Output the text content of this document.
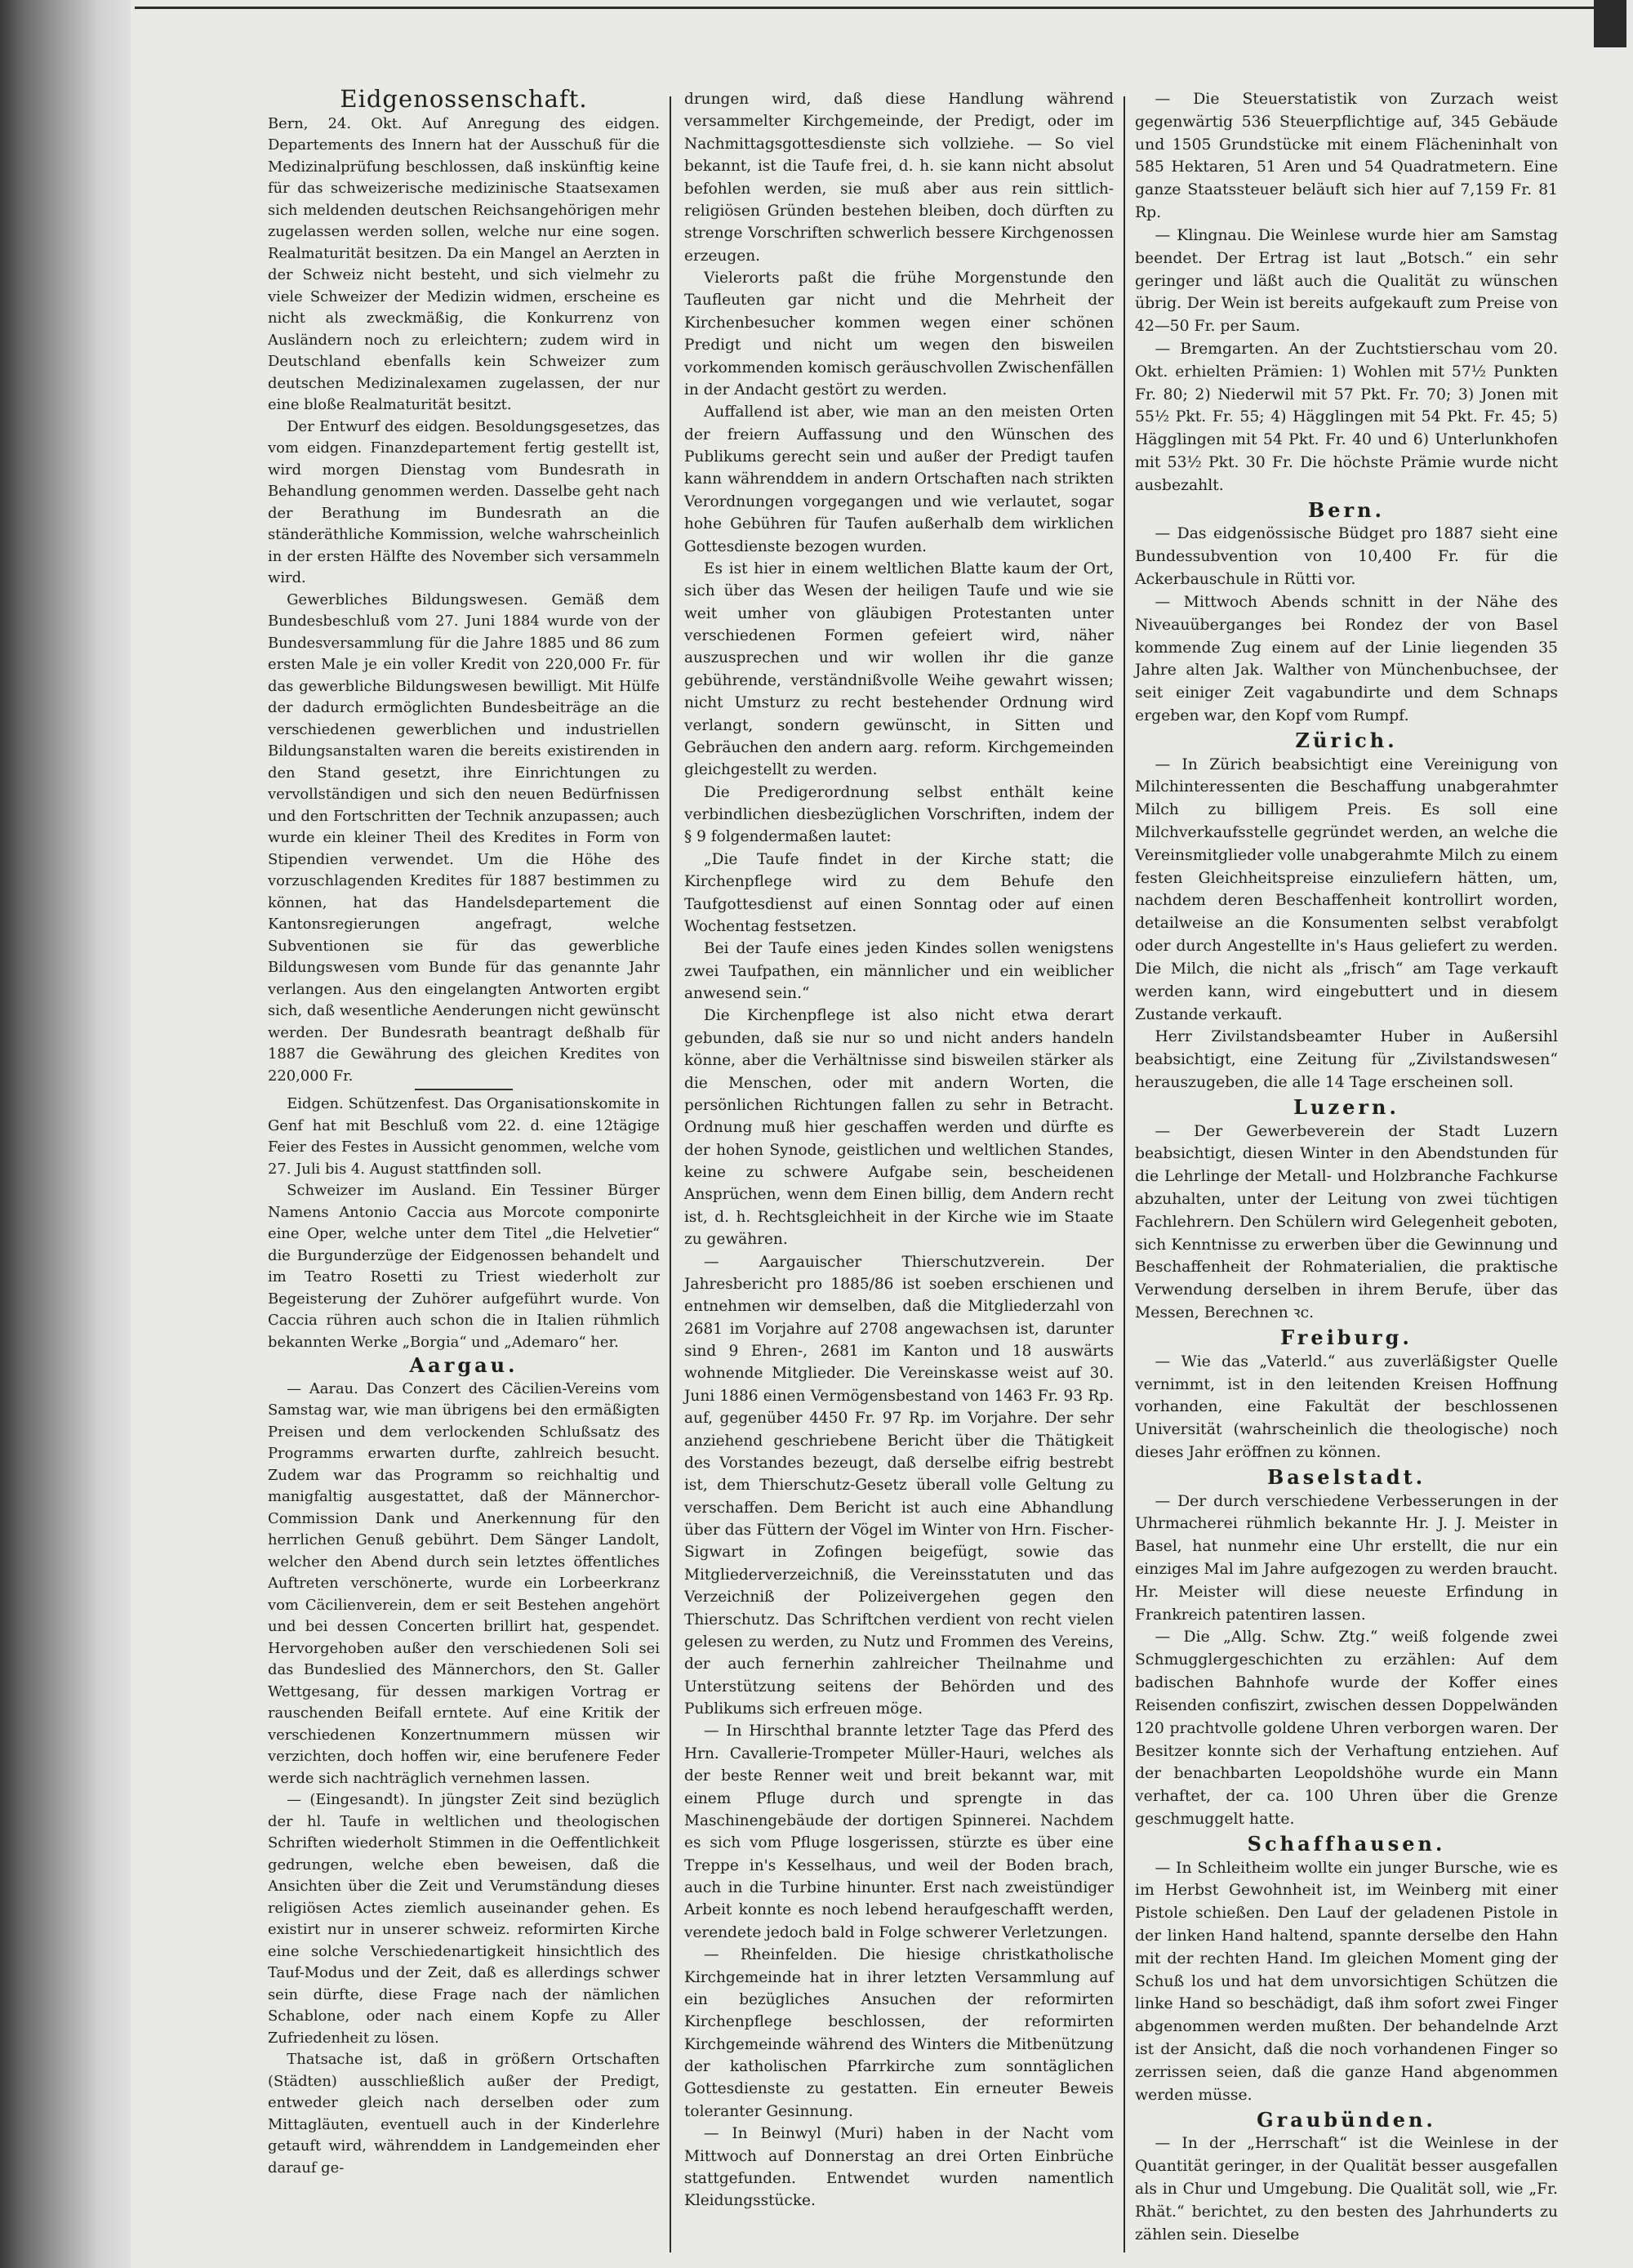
Eidgenossenschaft.

Bern, 24. Okt. Auf Anregung des eidgen. Departements des Innern hat der Ausschuß für die Medizinalprüfung beschlossen, daß inskünftig keine für das schweizerische medizinische Staatsexamen sich meldenden deutschen Reichsangehörigen mehr zugelassen werden sollen, welche nur eine sogen. Realmaturität besitzen. Da ein Mangel an Aerzten in der Schweiz nicht besteht, und sich vielmehr zu viele Schweizer der Medizin widmen, erscheine es nicht als zweckmäßig, die Konkurrenz von Ausländern noch zu erleichtern; zudem wird in Deutschland ebenfalls kein Schweizer zum deutschen Medizinalexamen zugelassen, der nur eine bloße Realmaturität besitzt.

Der Entwurf des eidgen. Besoldungsgesetzes, das vom eidgen. Finanzdepartement fertig gestellt ist, wird morgen Dienstag vom Bundesrath in Behandlung genommen werden. Dasselbe geht nach der Berathung im Bundesrath an die ständeräthliche Kommission, welche wahrscheinlich in der ersten Hälfte des November sich versammeln wird.

Gewerbliches Bildungswesen. Gemäß dem Bundesbeschluß vom 27. Juni 1884 wurde von der Bundesversammlung für die Jahre 1885 und 86 zum ersten Male je ein voller Kredit von 220,000 Fr. für das gewerbliche Bildungswesen bewilligt. Mit Hülfe der dadurch ermöglichten Bundesbeiträge an die verschiedenen gewerblichen und industriellen Bildungsanstalten waren die bereits existirenden in den Stand gesetzt, ihre Einrichtungen zu vervollständigen und sich den neuen Bedürfnissen und den Fortschritten der Technik anzupassen; auch wurde ein kleiner Theil des Kredites in Form von Stipendien verwendet. Um die Höhe des vorzuschlagenden Kredites für 1887 bestimmen zu können, hat das Handelsdepartement die Kantonsregierungen angefragt, welche Subventionen sie für das gewerbliche Bildungswesen vom Bunde für das genannte Jahr verlangen. Aus den eingelangten Antworten ergibt sich, daß wesentliche Aenderungen nicht gewünscht werden. Der Bundesrath beantragt deßhalb für 1887 die Gewährung des gleichen Kredites von 220,000 Fr.

Eidgen. Schützenfest. Das Organisationskomite in Genf hat mit Beschluß vom 22. d. eine 12tägige Feier des Festes in Aussicht genommen, welche vom 27. Juli bis 4. August stattfinden soll.

Schweizer im Ausland. Ein Tessiner Bürger Namens Antonio Caccia aus Morcote componirte eine Oper, welche unter dem Titel „die Helvetier“ die Burgunderzüge der Eidgenossen behandelt und im Teatro Rosetti zu Triest wiederholt zur Begeisterung der Zuhörer aufgeführt wurde. Von Caccia rühren auch schon die in Italien rühmlich bekannten Werke „Borgia“ und „Ademaro“ her.

Aargau.

— Aarau. Das Conzert des Cäcilien-Vereins vom Samstag war, wie man übrigens bei den ermäßigten Preisen und dem verlockenden Schlußsatz des Programms erwarten durfte, zahlreich besucht. Zudem war das Programm so reichhaltig und manigfaltig ausgestattet, daß der Männerchor-Commission Dank und Anerkennung für den herrlichen Genuß gebührt. Dem Sänger Landolt, welcher den Abend durch sein letztes öffentliches Auftreten verschönerte, wurde ein Lorbeerkranz vom Cäcilienverein, dem er seit Bestehen angehört und bei dessen Concerten brillirt hat, gespendet. Hervorgehoben außer den verschiedenen Soli sei das Bundeslied des Männerchors, den St. Galler Wettgesang, für dessen markigen Vortrag er rauschenden Beifall erntete. Auf eine Kritik der verschiedenen Konzertnummern müssen wir verzichten, doch hoffen wir, eine berufenere Feder werde sich nachträglich vernehmen lassen.

— (Eingesandt). In jüngster Zeit sind bezüglich der hl. Taufe in weltlichen und theologischen Schriften wiederholt Stimmen in die Oeffentlichkeit gedrungen, welche eben beweisen, daß die Ansichten über die Zeit und Verumständung dieses religiösen Actes ziemlich auseinander gehen. Es existirt nur in unserer schweiz. reformirten Kirche eine solche Verschiedenartigkeit hinsichtlich des Tauf-Modus und der Zeit, daß es allerdings schwer sein dürfte, diese Frage nach der nämlichen Schablone, oder nach einem Kopfe zu Aller Zufriedenheit zu lösen.

Thatsache ist, daß in größern Ortschaften (Städten) ausschließlich außer der Predigt, entweder gleich nach derselben oder zum Mittagläuten, eventuell auch in der Kinderlehre getauft wird, währenddem in Landgemeinden eher darauf ge-

drungen wird, daß diese Handlung während versammelter Kirchgemeinde, der Predigt, oder im Nachmittagsgottesdienste sich vollziehe. — So viel bekannt, ist die Taufe frei, d. h. sie kann nicht absolut befohlen werden, sie muß aber aus rein sittlich-religiösen Gründen bestehen bleiben, doch dürften zu strenge Vorschriften schwerlich bessere Kirchgenossen erzeugen.

Vielerorts paßt die frühe Morgenstunde den Taufleuten gar nicht und die Mehrheit der Kirchenbesucher kommen wegen einer schönen Predigt und nicht um wegen den bisweilen vorkommenden komisch geräuschvollen Zwischenfällen in der Andacht gestört zu werden.

Auffallend ist aber, wie man an den meisten Orten der freiern Auffassung und den Wünschen des Publikums gerecht sein und außer der Predigt taufen kann währenddem in andern Ortschaften nach strikten Verordnungen vorgegangen und wie verlautet, sogar hohe Gebühren für Taufen außerhalb dem wirklichen Gottesdienste bezogen wurden.

Es ist hier in einem weltlichen Blatte kaum der Ort, sich über das Wesen der heiligen Taufe und wie sie weit umher von gläubigen Protestanten unter verschiedenen Formen gefeiert wird, näher auszusprechen und wir wollen ihr die ganze gebührende, verständnißvolle Weihe gewahrt wissen; nicht Umsturz zu recht bestehender Ordnung wird verlangt, sondern gewünscht, in Sitten und Gebräuchen den andern aarg. reform. Kirchgemeinden gleichgestellt zu werden.

Die Predigerordnung selbst enthält keine verbindlichen diesbezüglichen Vorschriften, indem der § 9 folgendermaßen lautet:

„Die Taufe findet in der Kirche statt; die Kirchenpflege wird zu dem Behufe den Taufgottesdienst auf einen Sonntag oder auf einen Wochentag festsetzen.

Bei der Taufe eines jeden Kindes sollen wenigstens zwei Taufpathen, ein männlicher und ein weiblicher anwesend sein.“

Die Kirchenpflege ist also nicht etwa derart gebunden, daß sie nur so und nicht anders handeln könne, aber die Verhältnisse sind bisweilen stärker als die Menschen, oder mit andern Worten, die persönlichen Richtungen fallen zu sehr in Betracht. Ordnung muß hier geschaffen werden und dürfte es der hohen Synode, geistlichen und weltlichen Standes, keine zu schwere Aufgabe sein, bescheidenen Ansprüchen, wenn dem Einen billig, dem Andern recht ist, d. h. Rechtsgleichheit in der Kirche wie im Staate zu gewähren.

— Aargauischer Thierschutzverein. Der Jahresbericht pro 1885/86 ist soeben erschienen und entnehmen wir demselben, daß die Mitgliederzahl von 2681 im Vorjahre auf 2708 angewachsen ist, darunter sind 9 Ehren-, 2681 im Kanton und 18 auswärts wohnende Mitglieder. Die Vereinskasse weist auf 30. Juni 1886 einen Vermögensbestand von 1463 Fr. 93 Rp. auf, gegenüber 4450 Fr. 97 Rp. im Vorjahre. Der sehr anziehend geschriebene Bericht über die Thätigkeit des Vorstandes bezeugt, daß derselbe eifrig bestrebt ist, dem Thierschutz-Gesetz überall volle Geltung zu verschaffen. Dem Bericht ist auch eine Abhandlung über das Füttern der Vögel im Winter von Hrn. Fischer-Sigwart in Zofingen beigefügt, sowie das Mitgliederverzeichniß, die Vereinsstatuten und das Verzeichniß der Polizeivergehen gegen den Thierschutz. Das Schriftchen verdient von recht vielen gelesen zu werden, zu Nutz und Frommen des Vereins, der auch fernerhin zahlreicher Theilnahme und Unterstützung seitens der Behörden und des Publikums sich erfreuen möge.

— In Hirschthal brannte letzter Tage das Pferd des Hrn. Cavallerie-Trompeter Müller-Hauri, welches als der beste Renner weit und breit bekannt war, mit einem Pfluge durch und sprengte in das Maschinengebäude der dortigen Spinnerei. Nachdem es sich vom Pfluge losgerissen, stürzte es über eine Treppe in's Kesselhaus, und weil der Boden brach, auch in die Turbine hinunter. Erst nach zweistündiger Arbeit konnte es noch lebend heraufgeschafft werden, verendete jedoch bald in Folge schwerer Verletzungen.

— Rheinfelden. Die hiesige christkatholische Kirchgemeinde hat in ihrer letzten Versammlung auf ein bezügliches Ansuchen der reformirten Kirchenpflege beschlossen, der reformirten Kirchgemeinde während des Winters die Mitbenützung der katholischen Pfarrkirche zum sonntäglichen Gottesdienste zu gestatten. Ein erneuter Beweis toleranter Gesinnung.

— In Beinwyl (Muri) haben in der Nacht vom Mittwoch auf Donnerstag an drei Orten Einbrüche stattgefunden. Entwendet wurden namentlich Kleidungsstücke.

— Die Steuerstatistik von Zurzach weist gegenwärtig 536 Steuerpflichtige auf, 345 Gebäude und 1505 Grundstücke mit einem Flächeninhalt von 585 Hektaren, 51 Aren und 54 Quadratmetern. Eine ganze Staatssteuer beläuft sich hier auf 7,159 Fr. 81 Rp.

— Klingnau. Die Weinlese wurde hier am Samstag beendet. Der Ertrag ist laut „Botsch.“ ein sehr geringer und läßt auch die Qualität zu wünschen übrig. Der Wein ist bereits aufgekauft zum Preise von 42—50 Fr. per Saum.

— Bremgarten. An der Zuchtstierschau vom 20. Okt. erhielten Prämien: 1) Wohlen mit 57½ Punkten Fr. 80; 2) Niederwil mit 57 Pkt. Fr. 70; 3) Jonen mit 55½ Pkt. Fr. 55; 4) Hägglingen mit 54 Pkt. Fr. 45; 5) Hägglingen mit 54 Pkt. Fr. 40 und 6) Unterlunkhofen mit 53½ Pkt. 30 Fr. Die höchste Prämie wurde nicht ausbezahlt.

Bern.

— Das eidgenössische Büdget pro 1887 sieht eine Bundessubvention von 10,400 Fr. für die Ackerbauschule in Rütti vor.

— Mittwoch Abends schnitt in der Nähe des Niveauüberganges bei Rondez der von Basel kommende Zug einem auf der Linie liegenden 35 Jahre alten Jak. Walther von Münchenbuchsee, der seit einiger Zeit vagabundirte und dem Schnaps ergeben war, den Kopf vom Rumpf.

Zürich.

— In Zürich beabsichtigt eine Vereinigung von Milchinteressenten die Beschaffung unabgerahmter Milch zu billigem Preis. Es soll eine Milchverkaufsstelle gegründet werden, an welche die Vereinsmitglieder volle unabgerahmte Milch zu einem festen Gleichheitspreise einzuliefern hätten, um, nachdem deren Beschaffenheit kontrollirt worden, detailweise an die Konsumenten selbst verabfolgt oder durch Angestellte in's Haus geliefert zu werden. Die Milch, die nicht als „frisch“ am Tage verkauft werden kann, wird eingebuttert und in diesem Zustande verkauft.

Herr Zivilstandsbeamter Huber in Außersihl beabsichtigt, eine Zeitung für „Zivilstandswesen“ herauszugeben, die alle 14 Tage erscheinen soll.

Luzern.

— Der Gewerbeverein der Stadt Luzern beabsichtigt, diesen Winter in den Abendstunden für die Lehrlinge der Metall- und Holzbranche Fachkurse abzuhalten, unter der Leitung von zwei tüchtigen Fachlehrern. Den Schülern wird Gelegenheit geboten, sich Kenntnisse zu erwerben über die Gewinnung und Beschaffenheit der Rohmaterialien, die praktische Verwendung derselben in ihrem Berufe, über das Messen, Berechnen ꝛc.

Freiburg.

— Wie das „Vaterld.“ aus zuverläßigster Quelle vernimmt, ist in den leitenden Kreisen Hoffnung vorhanden, eine Fakultät der beschlossenen Universität (wahrscheinlich die theologische) noch dieses Jahr eröffnen zu können.

Baselstadt.

— Der durch verschiedene Verbesserungen in der Uhrmacherei rühmlich bekannte Hr. J. J. Meister in Basel, hat nunmehr eine Uhr erstellt, die nur ein einziges Mal im Jahre aufgezogen zu werden braucht. Hr. Meister will diese neueste Erfindung in Frankreich patentiren lassen.

— Die „Allg. Schw. Ztg.“ weiß folgende zwei Schmugglergeschichten zu erzählen: Auf dem badischen Bahnhofe wurde der Koffer eines Reisenden confiszirt, zwischen dessen Doppelwänden 120 prachtvolle goldene Uhren verborgen waren. Der Besitzer konnte sich der Verhaftung entziehen. Auf der benachbarten Leopoldshöhe wurde ein Mann verhaftet, der ca. 100 Uhren über die Grenze geschmuggelt hatte.

Schaffhausen.

— In Schleitheim wollte ein junger Bursche, wie es im Herbst Gewohnheit ist, im Weinberg mit einer Pistole schießen. Den Lauf der geladenen Pistole in der linken Hand haltend, spannte derselbe den Hahn mit der rechten Hand. Im gleichen Moment ging der Schuß los und hat dem unvorsichtigen Schützen die linke Hand so beschädigt, daß ihm sofort zwei Finger abgenommen werden mußten. Der behandelnde Arzt ist der Ansicht, daß die noch vorhandenen Finger so zerrissen seien, daß die ganze Hand abgenommen werden müsse.

Graubünden.

— In der „Herrschaft“ ist die Weinlese in der Quantität geringer, in der Qualität besser ausgefallen als in Chur und Umgebung. Die Qualität soll, wie „Fr. Rhät.“ berichtet, zu den besten des Jahrhunderts zu zählen sein. Dieselbe
